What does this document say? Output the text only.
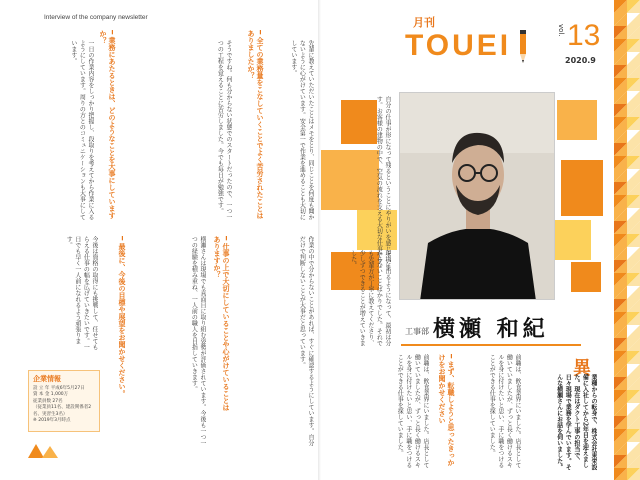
Interview of the company newsletter
一日の作業内容をしっかり把握し、段取りを考えてから作業に入るようにしています。周りの方とのコミュニケーションも大事にしています。	━ 業務にあたるときは、どのようなことを大事にしていますか？
そうですね。何も分からない状態でのスタートだったので、一つ一つの工程を覚えることに苦労しました。今でも毎日が勉強です。	━ 全ての業務量をこなしていくことでよく苦労されたことはありましたか？	先輩に教えていただいたことはメモをとり、同じことを何度も聞かないように心がけています。安全第一で作業を進めることも大切にしています。
今後は資格の取得にも挑戦して、任せてもらえる仕事の幅を広げていきたいです。一日でも早く一人前になれるよう頑張ります。	━ 最後に、今後の目標や展望をお聞かせください。	横瀬さんは現場でも真面目に取り組む姿勢が評価されています。今後も一つ一つの経験を積み重ね、一人前の職人を目指していきます。	━ 仕事の上で大切にしていることや心がけていることはありますか？	作業の中で分からないことがあれば、すぐに確認するようにしています。自分だけで判断しないことが大事だと思っています。
企業情報
設 立 年 平成6年5月27日
資 本 金 1,000万
従業員数 27名
（従業員11名、建設関係者2名、実習生3名）
※ 2019年3月時点
月刊
TOUEI	vol. 13
2020.9
工事部 横瀬 和紀
自分の仕事が形になって残るということにやりがいを感じています。お客様の建物の中で、空気の流れを支える大切な仕事です。
現場に出るようになって、最初は分からないことばかりでした。それでも先輩方が丁寧に教えてくださり、少しずつできることが増えていきました。
前職は、飲食業界にいました。店長として働いていましたが、ずっと長く働けるスキルを身に付けたいと思い、手に職をつけることができる仕事を探していました。	━ まず、転職しようと思ったきっかけをお聞かせください	前職は、飲食業界にいました。店長として働いていましたが、ずっと長く働けるスキルを身に付けたいと思い、手に職をつけることができる仕事を探していました。	異
業種からの転身で、株式会社東栄設備に入社してから2年目を迎えました。現在はダクト工事の担当で、日々現場で業務を学んでいます。そんな横瀬さんにお話を伺いました。
